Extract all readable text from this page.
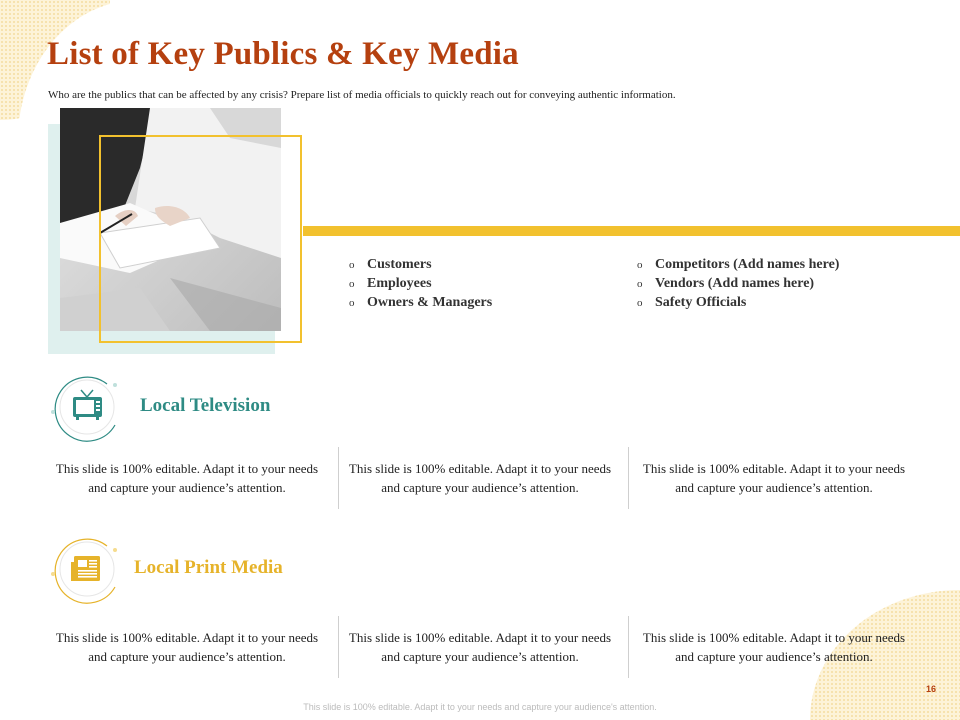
List of Key Publics & Key Media
Who are the publics that can be affected by any crisis? Prepare list of media officials to quickly reach out for conveying authentic information.
o Customers
o Employees
o Owners & Managers
o Competitors (Add names here)
o Vendors (Add names here)
o Safety Officials
Local Television
This slide is 100% editable. Adapt it to your needs and capture your audience’s attention.
This slide is 100% editable. Adapt it to your needs and capture your audience’s attention.
This slide is 100% editable. Adapt it to your needs and capture your audience’s attention.
Local Print Media
This slide is 100% editable. Adapt it to your needs and capture your audience’s attention.
This slide is 100% editable. Adapt it to your needs and capture your audience’s attention.
This slide is 100% editable. Adapt it to your needs and capture your audience’s attention.
16
This slide is 100% editable. Adapt it to your needs and capture your audience's attention.
